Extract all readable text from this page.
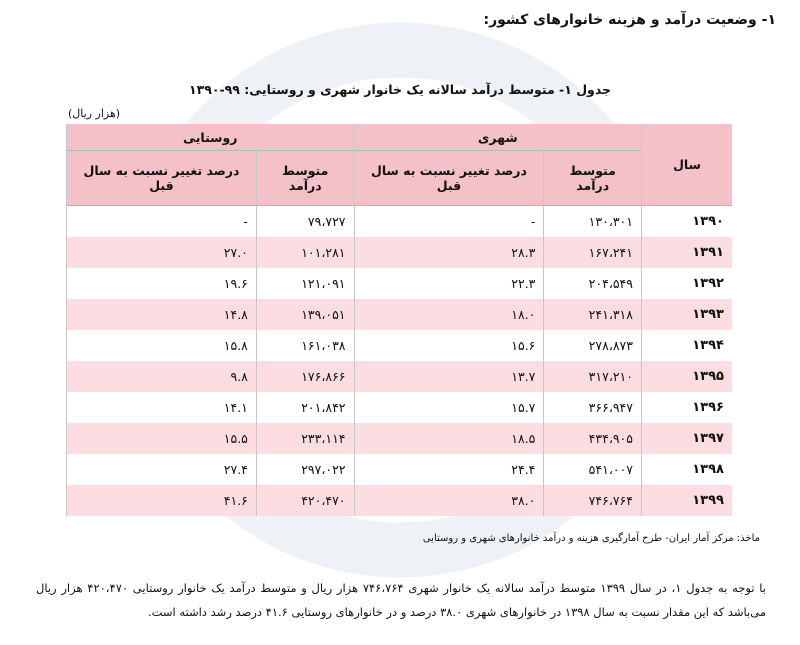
۱- وضعیت درآمد و هزینه خانوارهای کشور:
جدول ۱- متوسط درآمد سالانه یک خانوار شهری و روستایی: ۹۹-۱۳۹۰
(هزار ریال)
سال	شهری		روستایی	
	متوسط درآمد	درصد تغییر نسبت به سال قبل	متوسط درآمد	درصد تغییر نسبت به سال قبل
۱۳۹۰	۱۳۰،۳۰۱	-	۷۹،۷۲۷	-
۱۳۹۱	۱۶۷،۲۴۱	۲۸.۳	۱۰۱،۲۸۱	۲۷.۰
۱۳۹۲	۲۰۴،۵۴۹	۲۲.۳	۱۲۱،۰۹۱	۱۹.۶
۱۳۹۳	۲۴۱،۳۱۸	۱۸.۰	۱۳۹،۰۵۱	۱۴.۸
۱۳۹۴	۲۷۸،۸۷۳	۱۵.۶	۱۶۱،۰۳۸	۱۵.۸
۱۳۹۵	۳۱۷،۲۱۰	۱۳.۷	۱۷۶،۸۶۶	۹.۸
۱۳۹۶	۳۶۶،۹۴۷	۱۵.۷	۲۰۱،۸۴۲	۱۴.۱
۱۳۹۷	۴۳۴،۹۰۵	۱۸.۵	۲۳۳،۱۱۴	۱۵.۵
۱۳۹۸	۵۴۱،۰۰۷	۲۴.۴	۲۹۷،۰۲۲	۲۷.۴
۱۳۹۹	۷۴۶،۷۶۴	۳۸.۰	۴۲۰،۴۷۰	۴۱.۶
ماخذ: مرکز آمار ایران- طرح آمارگیری هزینه و درآمد خانوارهای شهری و روستایی
با توجه به جدول ۱، در سال ۱۳۹۹ متوسط درآمد سالانه یک خانوار شهری ۷۴۶،۷۶۴ هزار ریال و متوسط درآمد یک خانوار روستایی ۴۲۰،۴۷۰ هزار ریال می‌باشد که این مقدار نسبت به سال ۱۳۹۸ در خانوارهای شهری ۳۸.۰ درصد و در خانوارهای روستایی ۴۱.۶ درصد رشد داشته است.
